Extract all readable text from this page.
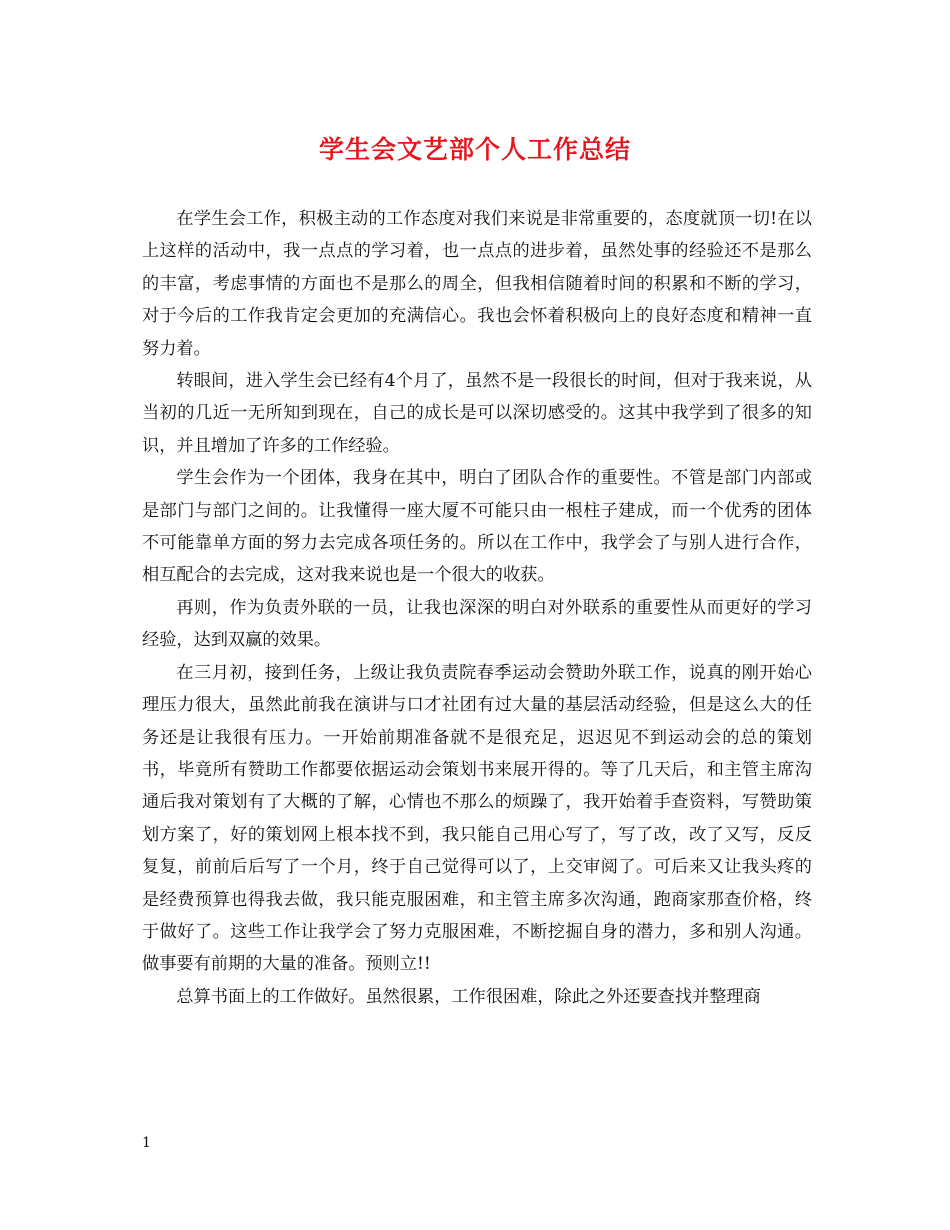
学生会文艺部个人工作总结

在学生会工作，积极主动的工作态度对我们来说是非常重要的，态度就顶一切!在以上这样的活动中，我一点点的学习着，也一点点的进步着，虽然处事的经验还不是那么的丰富，考虑事情的方面也不是那么的周全，但我相信随着时间的积累和不断的学习，对于今后的工作我肯定会更加的充满信心。我也会怀着积极向上的良好态度和精神一直努力着。

转眼间，进入学生会已经有4个月了，虽然不是一段很长的时间，但对于我来说，从当初的几近一无所知到现在，自己的成长是可以深切感受的。这其中我学到了很多的知识，并且增加了许多的工作经验。

学生会作为一个团体，我身在其中，明白了团队合作的重要性。不管是部门内部或是部门与部门之间的。让我懂得一座大厦不可能只由一根柱子建成，而一个优秀的团体不可能靠单方面的努力去完成各项任务的。所以在工作中，我学会了与别人进行合作，相互配合的去完成，这对我来说也是一个很大的收获。

再则，作为负责外联的一员，让我也深深的明白对外联系的重要性从而更好的学习经验，达到双赢的效果。

在三月初，接到任务，上级让我负责院春季运动会赞助外联工作，说真的刚开始心理压力很大，虽然此前我在演讲与口才社团有过大量的基层活动经验，但是这么大的任务还是让我很有压力。一开始前期准备就不是很充足，迟迟见不到运动会的总的策划书，毕竟所有赞助工作都要依据运动会策划书来展开得的。等了几天后，和主管主席沟通后我对策划有了大概的了解，心情也不那么的烦躁了，我开始着手查资料，写赞助策划方案了，好的策划网上根本找不到，我只能自己用心写了，写了改，改了又写，反反复复，前前后后写了一个月，终于自己觉得可以了，上交审阅了。可后来又让我头疼的是经费预算也得我去做，我只能克服困难，和主管主席多次沟通，跑商家那查价格，终于做好了。这些工作让我学会了努力克服困难，不断挖掘自身的潜力，多和别人沟通。做事要有前期的大量的准备。预则立!!

总算书面上的工作做好。虽然很累，工作很困难，除此之外还要查找并整理商

1
